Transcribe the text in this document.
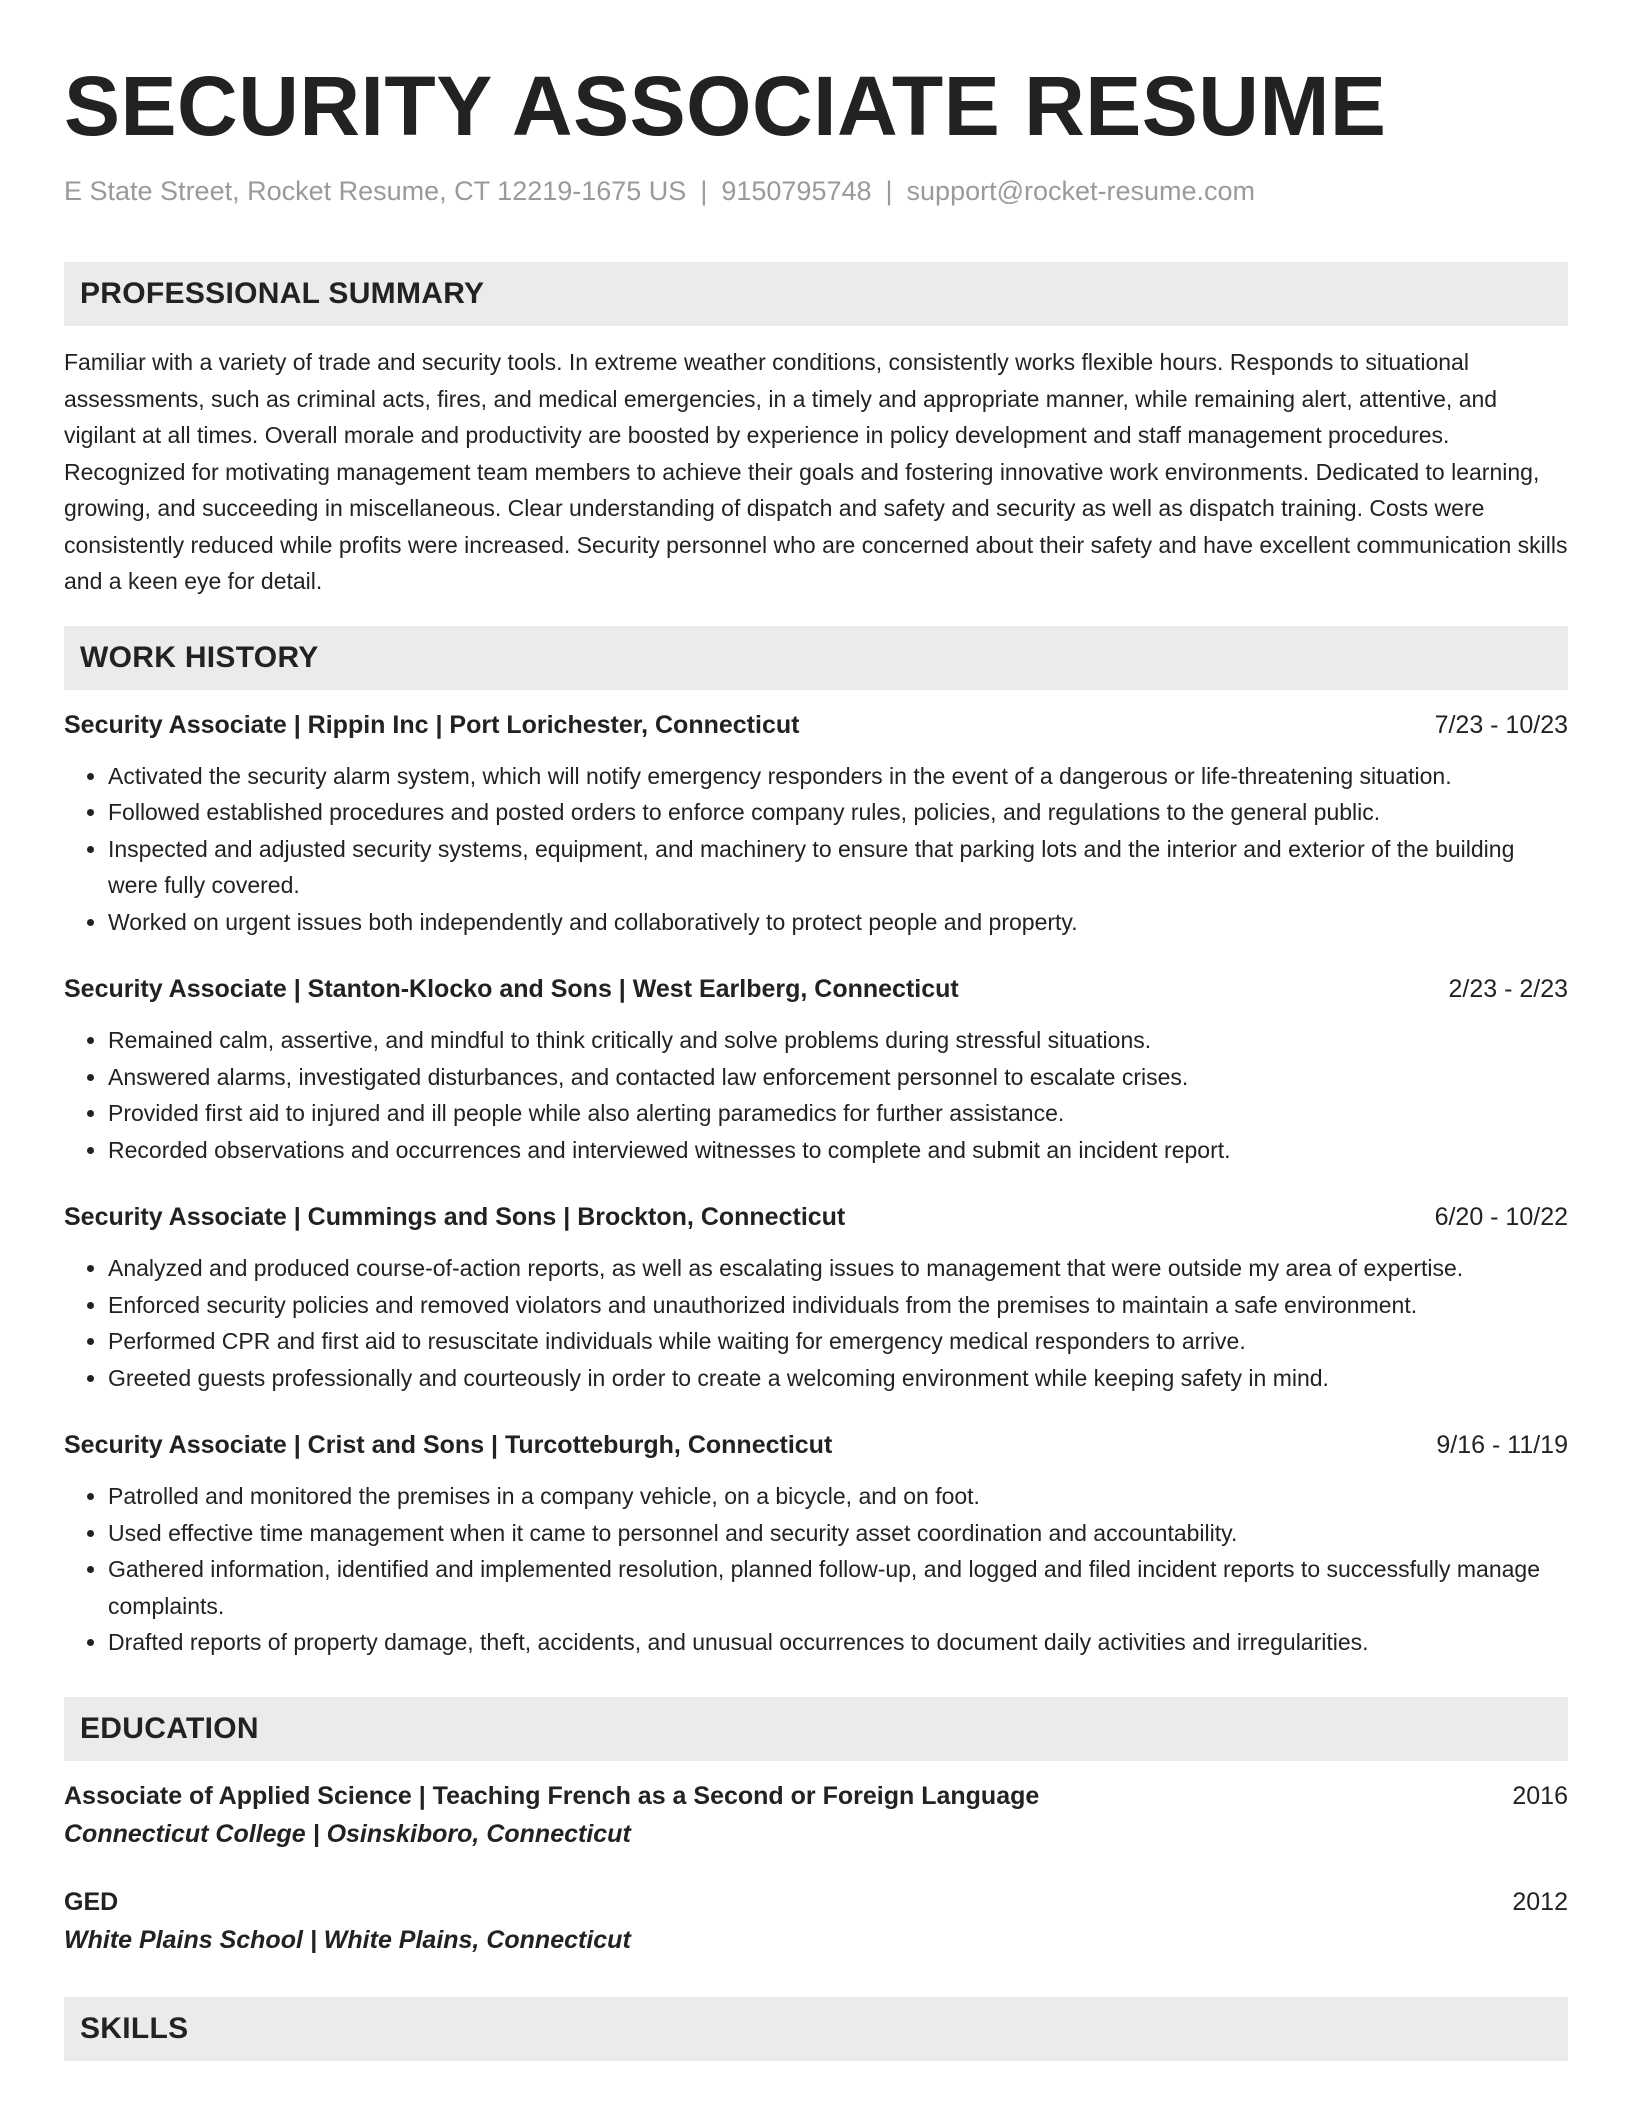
SECURITY ASSOCIATE RESUME
E State Street, Rocket Resume, CT 12219-1675 US | 9150795748 | support@rocket-resume.com
PROFESSIONAL SUMMARY

Familiar with a variety of trade and security tools. In extreme weather conditions, consistently works flexible hours. Responds to situational assessments, such as criminal acts, fires, and medical emergencies, in a timely and appropriate manner, while remaining alert, attentive, and vigilant at all times. Overall morale and productivity are boosted by experience in policy development and staff management procedures. Recognized for motivating management team members to achieve their goals and fostering innovative work environments. Dedicated to learning, growing, and succeeding in miscellaneous. Clear understanding of dispatch and safety and security as well as dispatch training. Costs were consistently reduced while profits were increased. Security personnel who are concerned about their safety and have excellent communication skills and a keen eye for detail.

WORK HISTORY
Security Associate | Rippin Inc | Port Lorichester, Connecticut	7/23 - 10/23
• Activated the security alarm system, which will notify emergency responders in the event of a dangerous or life-threatening situation.
• Followed established procedures and posted orders to enforce company rules, policies, and regulations to the general public.
• Inspected and adjusted security systems, equipment, and machinery to ensure that parking lots and the interior and exterior of the building were fully covered.
• Worked on urgent issues both independently and collaboratively to protect people and property.
Security Associate | Stanton-Klocko and Sons | West Earlberg, Connecticut	2/23 - 2/23
• Remained calm, assertive, and mindful to think critically and solve problems during stressful situations.
• Answered alarms, investigated disturbances, and contacted law enforcement personnel to escalate crises.
• Provided first aid to injured and ill people while also alerting paramedics for further assistance.
• Recorded observations and occurrences and interviewed witnesses to complete and submit an incident report.
Security Associate | Cummings and Sons | Brockton, Connecticut	6/20 - 10/22
• Analyzed and produced course-of-action reports, as well as escalating issues to management that were outside my area of expertise.
• Enforced security policies and removed violators and unauthorized individuals from the premises to maintain a safe environment.
• Performed CPR and first aid to resuscitate individuals while waiting for emergency medical responders to arrive.
• Greeted guests professionally and courteously in order to create a welcoming environment while keeping safety in mind.
Security Associate | Crist and Sons | Turcotteburgh, Connecticut	9/16 - 11/19
• Patrolled and monitored the premises in a company vehicle, on a bicycle, and on foot.
• Used effective time management when it came to personnel and security asset coordination and accountability.
• Gathered information, identified and implemented resolution, planned follow-up, and logged and filed incident reports to successfully manage complaints.
• Drafted reports of property damage, theft, accidents, and unusual occurrences to document daily activities and irregularities.
EDUCATION
Associate of Applied Science | Teaching French as a Second or Foreign Language	2016
Connecticut College | Osinskiboro, Connecticut
GED	2012
White Plains School | White Plains, Connecticut
SKILLS
